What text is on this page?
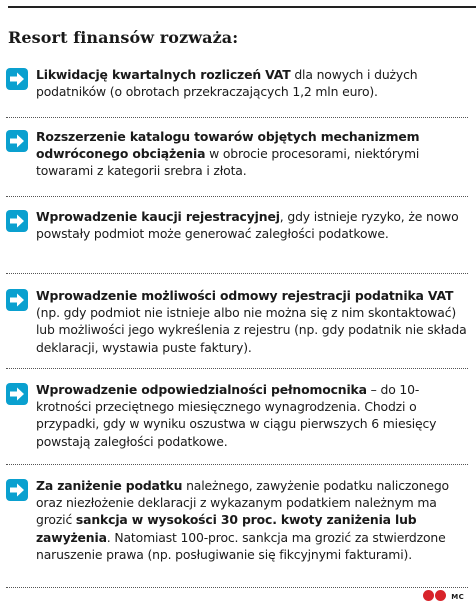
Resort finansów rozważa:
Likwidację kwartalnych rozliczeń VAT dla nowych i dużych podatników (o obrotach przekraczających 1,2 mln euro).
Rozszerzenie katalogu towarów objętych mechanizmem odwróconego obciążenia w obrocie procesorami, niektórymi towarami z kategorii srebra i złota.
Wprowadzenie kaucji rejestracyjnej, gdy istnieje ryzyko, że nowo powstały podmiot może generować zaległości podatkowe.
Wprowadzenie możliwości odmowy rejestracji podatnika VAT (np. gdy podmiot nie istnieje albo nie można się z nim skontaktować) lub możliwości jego wykreślenia z rejestru (np. gdy podatnik nie składa deklaracji, wystawia puste faktury).
Wprowadzenie odpowiedzialności pełnomocnika – do 10-krotności przeciętnego miesięcznego wynagrodzenia. Chodzi o przypadki, gdy w wyniku oszustwa w ciągu pierwszych 6 miesięcy powstają zaległości podatkowe.
Za zaniżenie podatku należnego, zawyżenie podatku naliczonego oraz niezłożenie deklaracji z wykazanym podatkiem należnym ma grozić sankcja w wysokości 30 proc. kwoty zaniżenia lub zawyżenia. Natomiast 100-proc. sankcja ma grozić za stwierdzone naruszenie prawa (np. posługiwanie się fikcyjnymi fakturami).
MC
